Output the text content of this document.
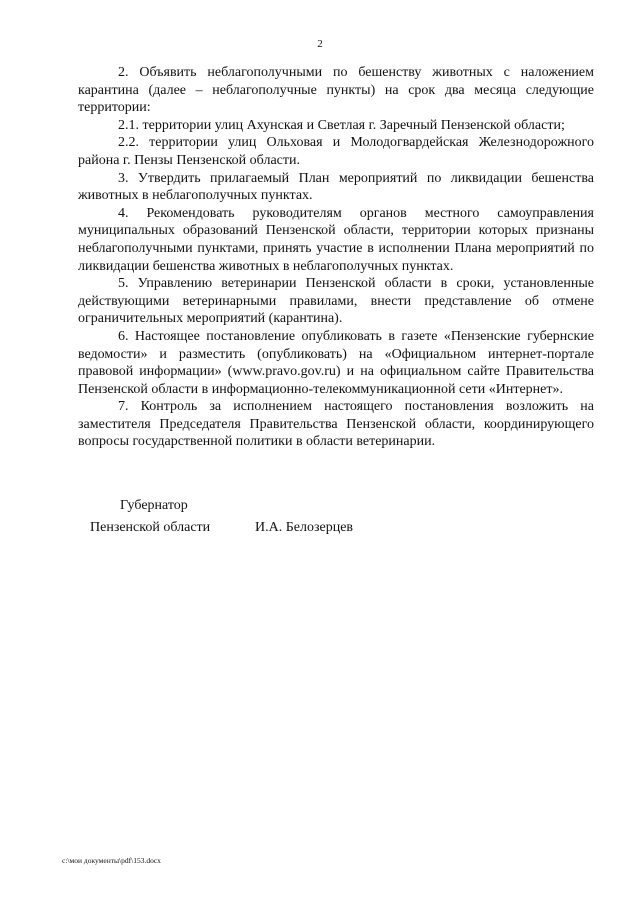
2

2. Объявить неблагополучными по бешенству животных с наложением карантина (далее – неблагополучные пункты) на срок два месяца следующие территории:

2.1. территории улиц Ахунская и Светлая г. Заречный Пензенской области;

2.2. территории улиц Ольховая и Молодогвардейская Железнодорожного района г. Пензы Пензенской области.

3. Утвердить прилагаемый План мероприятий по ликвидации бешенства животных в неблагополучных пунктах.

4. Рекомендовать руководителям органов местного самоуправления муниципальных образований Пензенской области, территории которых признаны неблагополучными пунктами, принять участие в исполнении Плана мероприятий по ликвидации бешенства животных в неблагополучных пунктах.

5. Управлению ветеринарии Пензенской области в сроки, установленные действующими ветеринарными правилами, внести представление об отмене ограничительных мероприятий (карантина).

6. Настоящее постановление опубликовать в газете «Пензенские губернские ведомости» и разместить (опубликовать) на «Официальном интернет-портале правовой информации» (www.pravo.gov.ru) и на официальном сайте Правительства Пензенской области в информационно-телекоммуникационной сети «Интернет».

7. Контроль за исполнением настоящего постановления возложить на заместителя Председателя Правительства Пензенской области, координирующего вопросы государственной политики в области ветеринарии.

Губернатор
Пензенской области	И.А. Белозерцев
c:\мои документы\pdf\153.docx
